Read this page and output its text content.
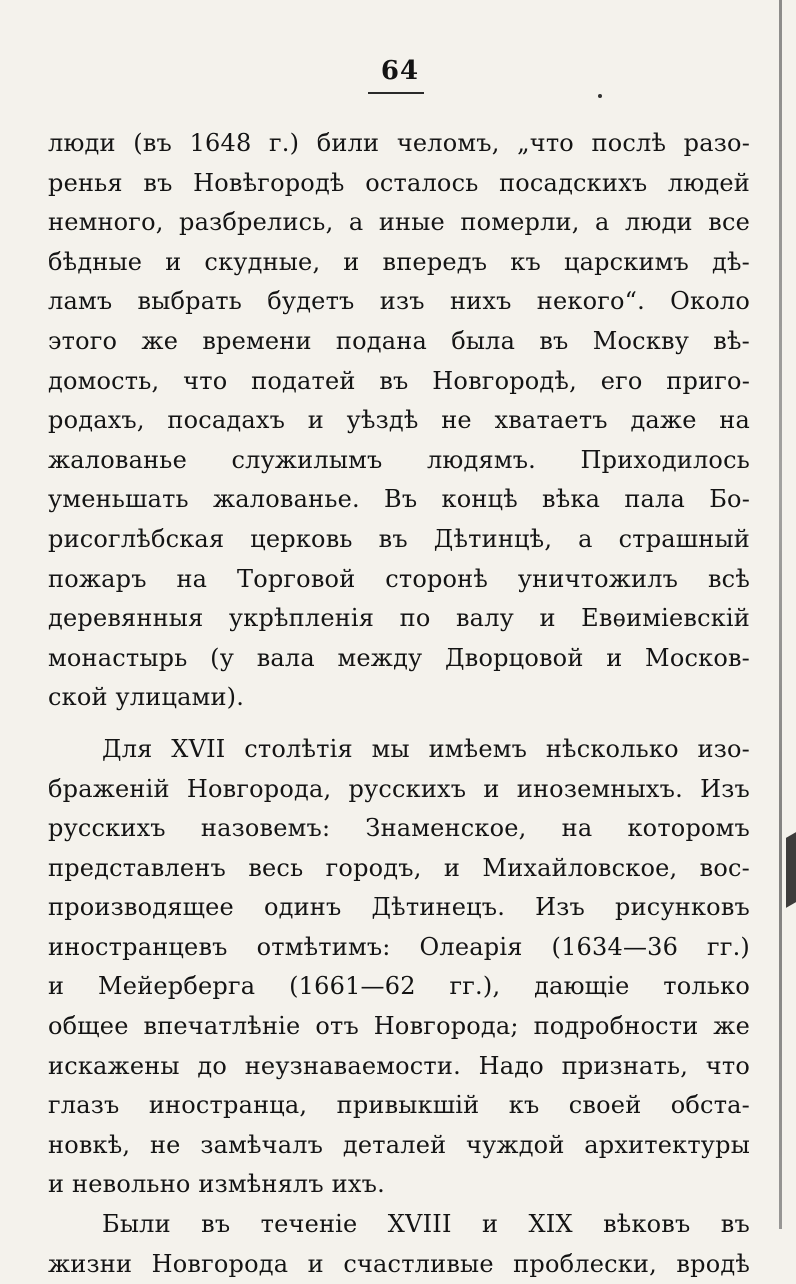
64
люди (въ 1648 г.) били челомъ, „что послѣ разо-
ренья въ Новѣгородѣ осталось посадскихъ людей
немного, разбрелись, а иные померли, а люди все
бѣдные и скудные, и впередъ къ царскимъ дѣ-
ламъ выбрать будетъ изъ нихъ некого“. Около
этого же времени подана была въ Москву вѣ-
домость, что податей въ Новгородѣ, его приго-
родахъ, посадахъ и уѣздѣ не хватаетъ даже на
жалованье служилымъ людямъ. Приходилось
уменьшать жалованье. Въ концѣ вѣка пала Бо-
рисоглѣбская церковь въ Дѣтинцѣ, а страшный
пожаръ на Торговой сторонѣ уничтожилъ всѣ
деревянныя укрѣпленія по валу и Евѳиміевскій
монастырь (у вала между Дворцовой и Москов-
ской улицами).
Для XVII столѣтія мы имѣемъ нѣсколько изо-
браженій Новгорода, русскихъ и иноземныхъ. Изъ
русскихъ назовемъ: Знаменское, на которомъ
представленъ весь городъ, и Михайловское, вос-
производящее одинъ Дѣтинецъ. Изъ рисунковъ
иностранцевъ отмѣтимъ: Олеарія (1634—36 гг.)
и Мейерберга (1661—62 гг.), дающіе только
общее впечатлѣніе отъ Новгорода; подробности же
искажены до неузнаваемости. Надо признать, что
глазъ иностранца, привыкшій къ своей обста-
новкѣ, не замѣчалъ деталей чуждой архитектуры
и невольно измѣнялъ ихъ.
Были въ теченіе XVIII и XIX вѣковъ въ
жизни Новгорода и счастливые проблески, вродѣ
